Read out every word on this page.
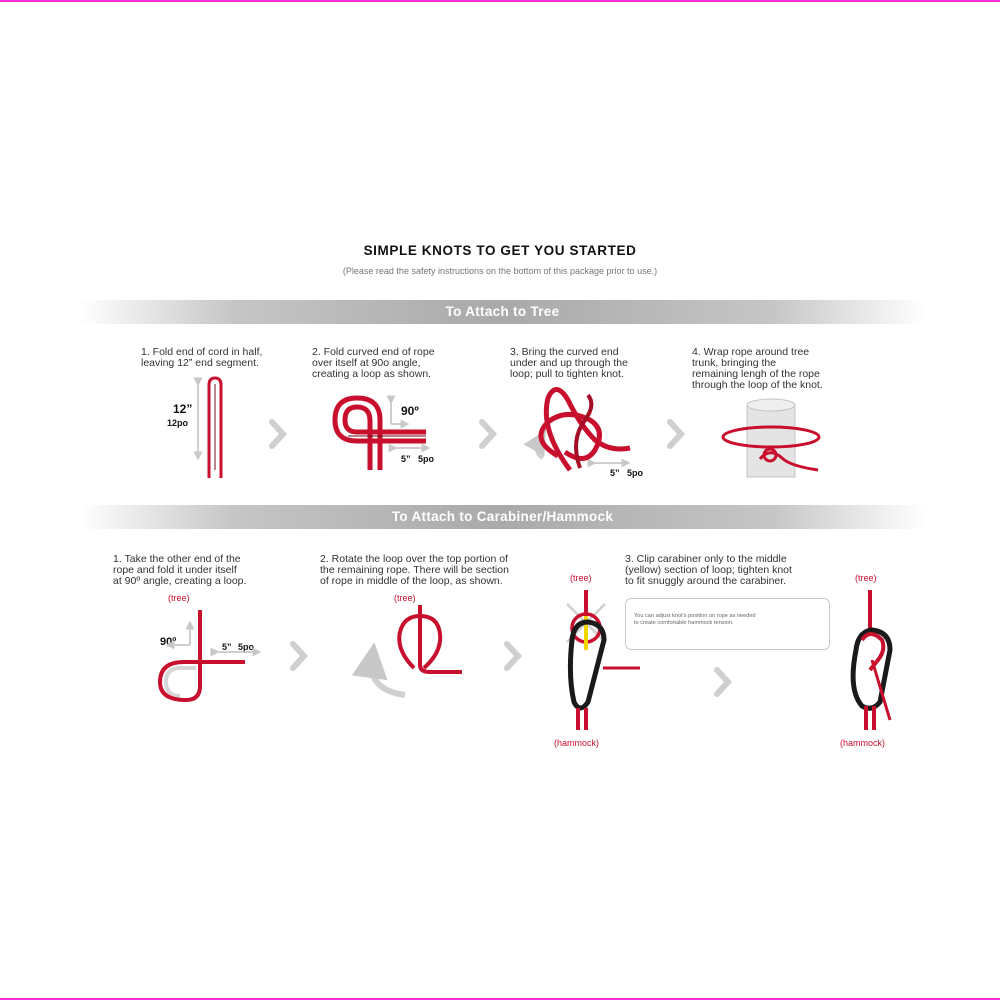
SIMPLE KNOTS TO GET YOU STARTED
(Please read the safety instructions on the bottom of this package prior to use.)
To Attach to Tree
1. Fold end of cord in half,
leaving 12” end segment.
2. Fold curved end of rope
over itself at 90o angle,
creating a loop as shown.
3. Bring the curved end
under and up through the
loop; pull to tighten knot.
4. Wrap rope around tree
trunk, bringing the
remaining lengh of the rope
through the loop of the knot.
12”
12po
90º
5” 5po
5” 5po
To Attach to Carabiner/Hammock
1. Take the other end of the
rope and fold it under itself
at 90º angle, creating a loop.
2. Rotate the loop over the top portion of
the remaining rope. There will be section
of rope in middle of the loop, as shown.
3. Clip carabiner only to the middle
(yellow) section of loop; tighten knot
to fit snuggly around the carabiner.
You can adjust knot’s position on rope as needed
to create comfortable hammock tension.
(tree)	(tree)
(tree)	(tree)
(hammock)	(hammock)
90º	5” 5po
